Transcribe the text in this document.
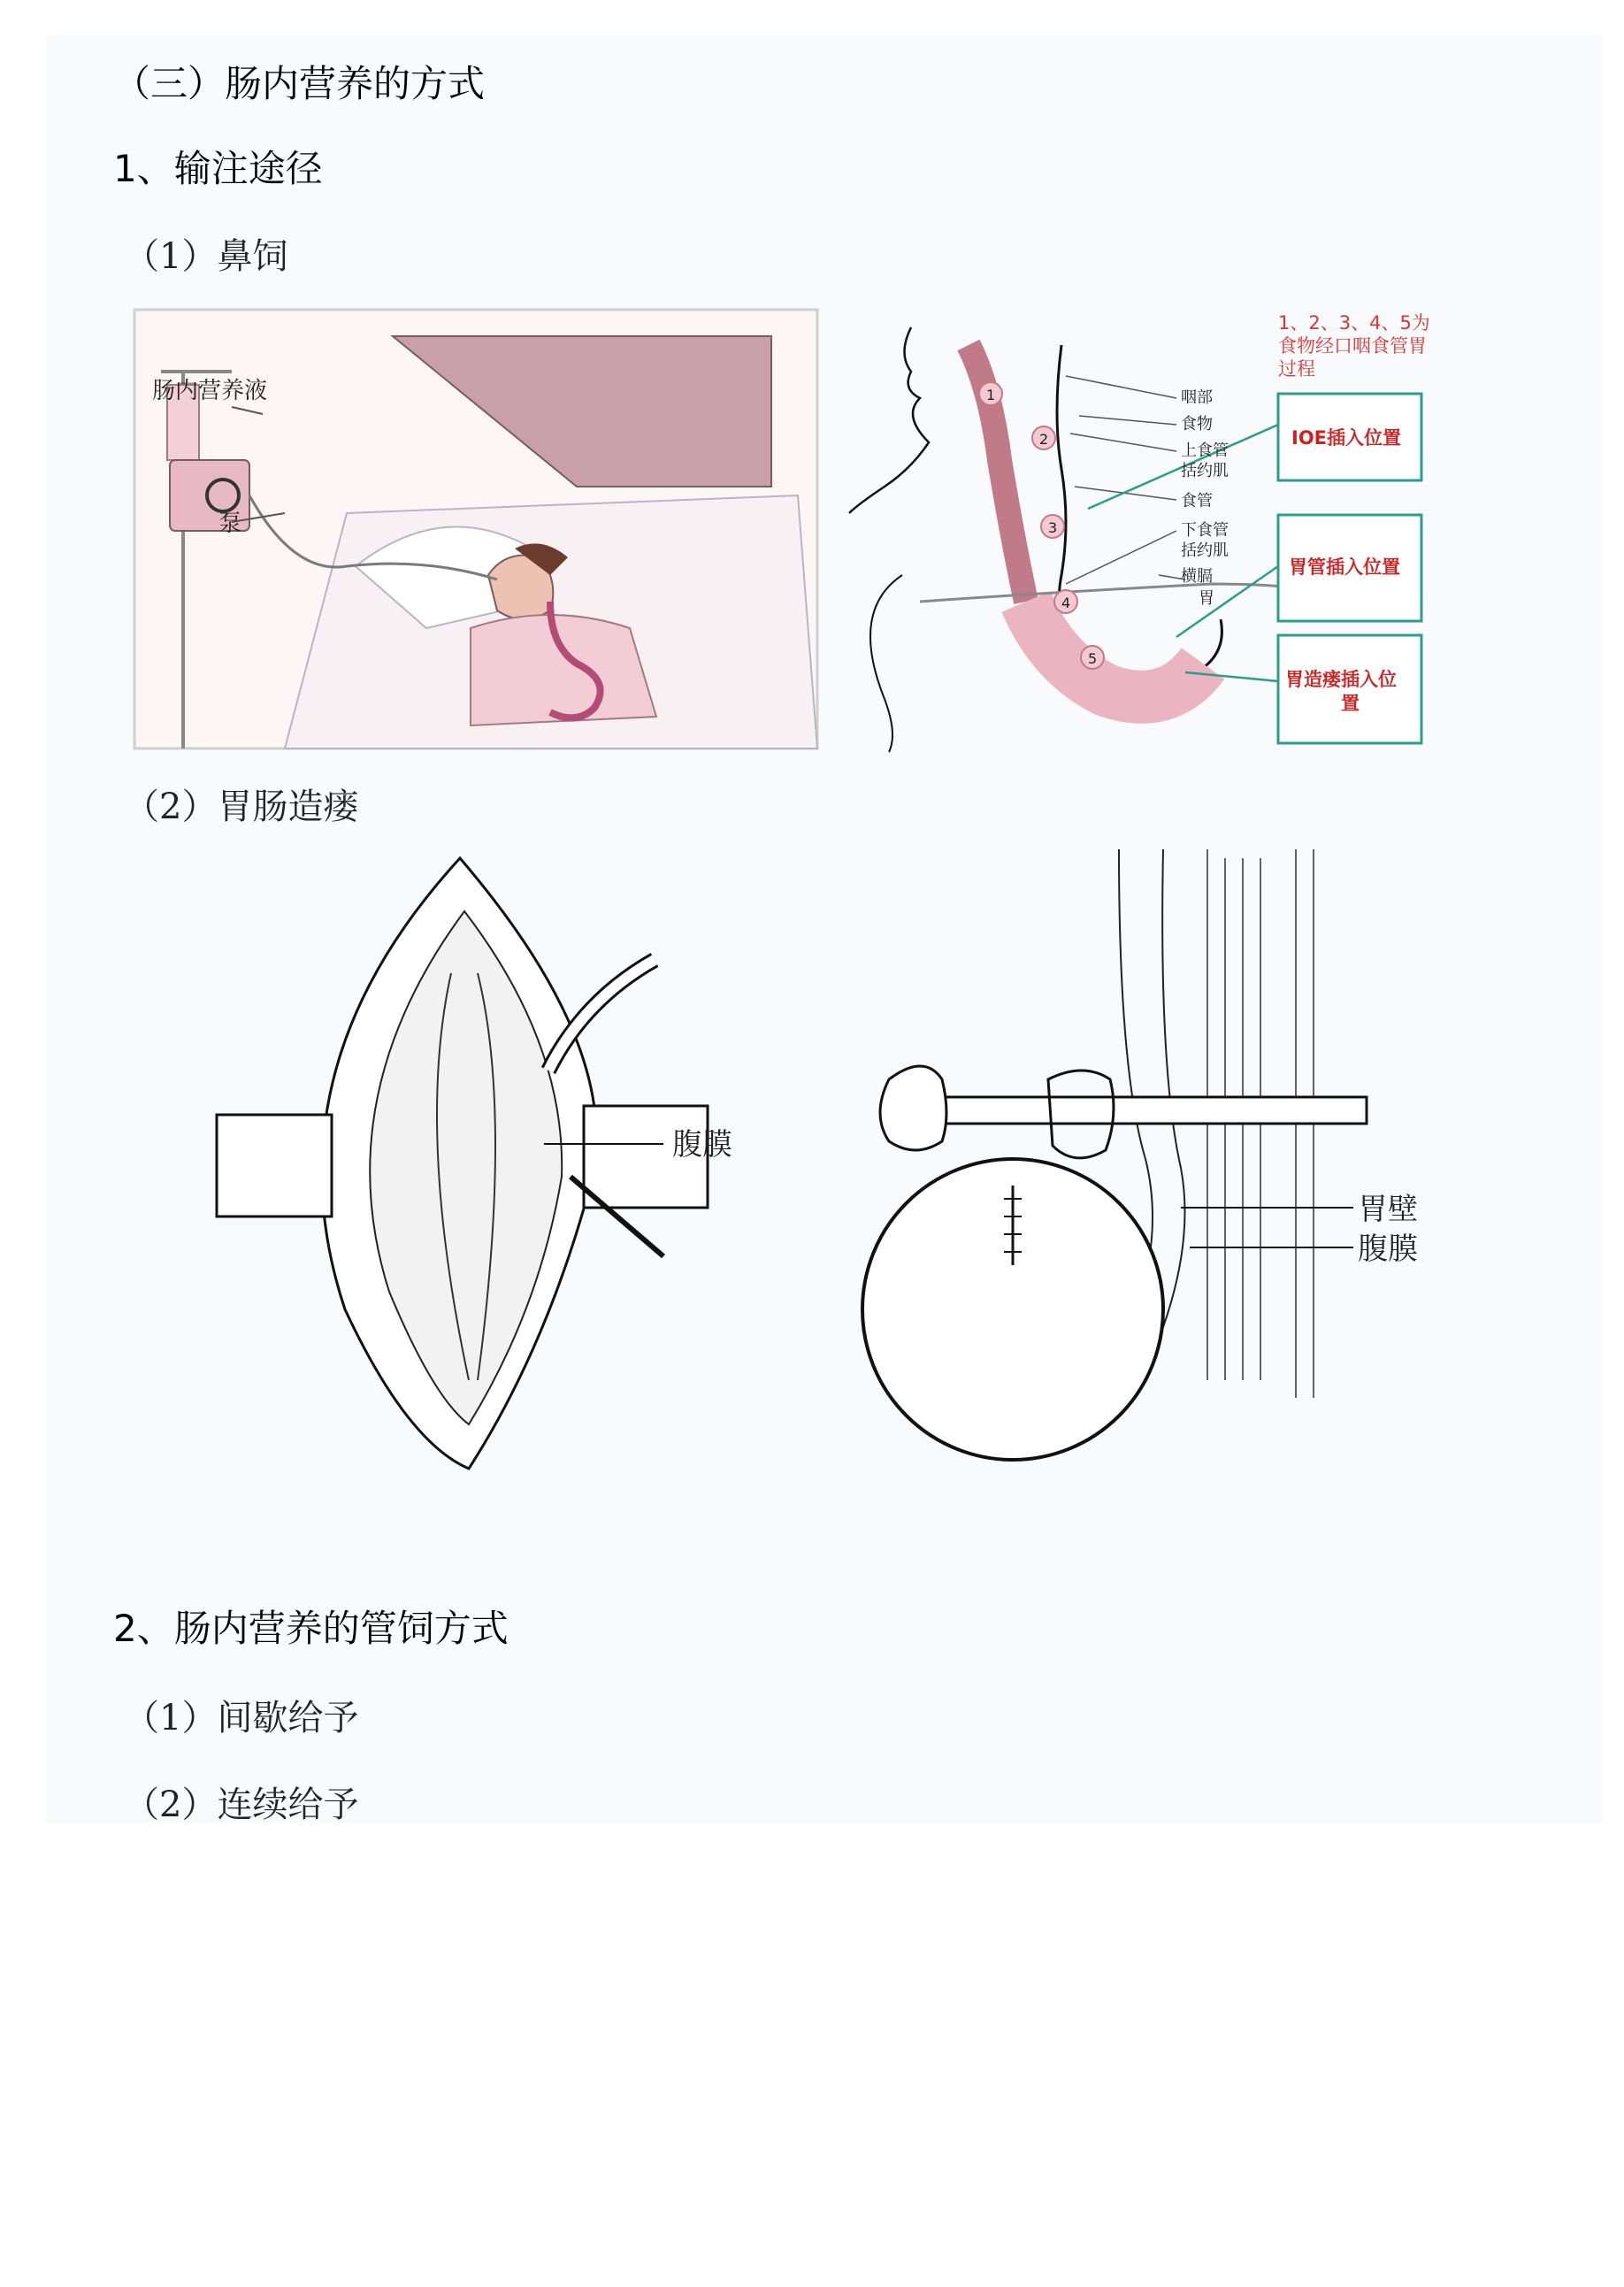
（三）肠内营养的方式
1、输注途径
（1）鼻饲
肠内营养液
泵
1
2
3
4
5
咽部
食物
上食管
括约肌
食管
下食管
括约肌
横膈
胃
1、2、3、4、5为
食物经口咽食管胃
过程
IOE插入位置
胃管插入位置
胃造瘘插入位
置
（2）胃肠造瘘
腹膜
胃壁
腹膜
2、肠内营养的管饲方式
（1）间歇给予
（2）连续给予
